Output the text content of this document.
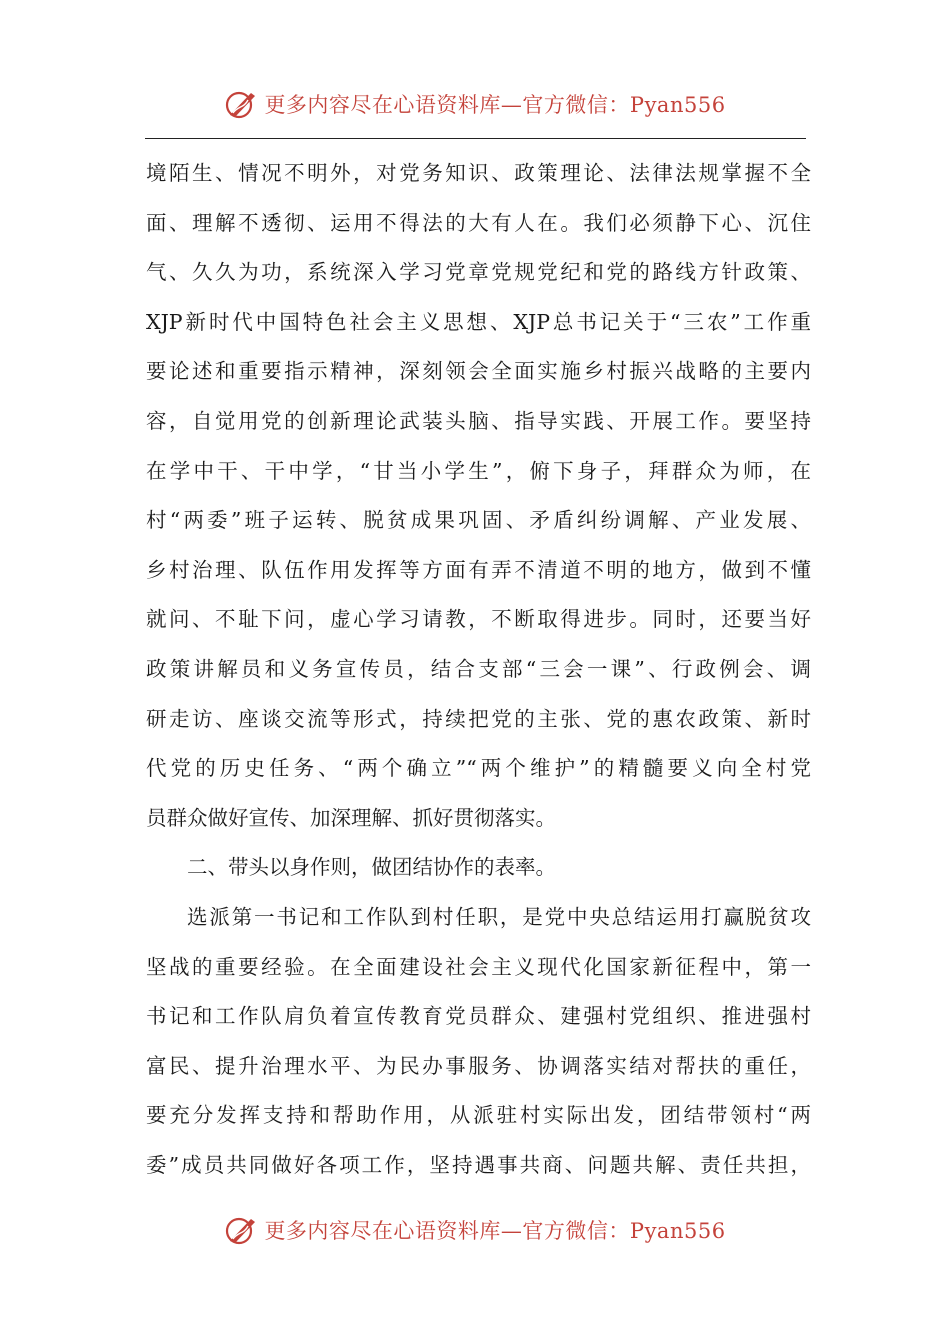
更多内容尽在心语资料库—官方微信：Pyan556
境陌生、情况不明外，对党务知识、政策理论、法律法规掌握不全
面、理解不透彻、运用不得法的大有人在。我们必须静下心、沉住
气、久久为功，系统深入学习党章党规党纪和党的路线方针政策、
XJP新时代中国特色社会主义思想、XJP总书记关于“三农”工作重
要论述和重要指示精神，深刻领会全面实施乡村振兴战略的主要内
容，自觉用党的创新理论武装头脑、指导实践、开展工作。要坚持
在学中干、干中学，“甘当小学生”，俯下身子，拜群众为师，在
村“两委”班子运转、脱贫成果巩固、矛盾纠纷调解、产业发展、
乡村治理、队伍作用发挥等方面有弄不清道不明的地方，做到不懂
就问、不耻下问，虚心学习请教，不断取得进步。同时，还要当好
政策讲解员和义务宣传员，结合支部“三会一课”、行政例会、调
研走访、座谈交流等形式，持续把党的主张、党的惠农政策、新时
代党的历史任务、“两个确立”“两个维护”的精髓要义向全村党
员群众做好宣传、加深理解、抓好贯彻落实。
二、带头以身作则，做团结协作的表率。
选派第一书记和工作队到村任职，是党中央总结运用打赢脱贫攻
坚战的重要经验。在全面建设社会主义现代化国家新征程中，第一
书记和工作队肩负着宣传教育党员群众、建强村党组织、推进强村
富民、提升治理水平、为民办事服务、协调落实结对帮扶的重任，
要充分发挥支持和帮助作用，从派驻村实际出发，团结带领村“两
委”成员共同做好各项工作，坚持遇事共商、问题共解、责任共担，
更多内容尽在心语资料库—官方微信：Pyan556
